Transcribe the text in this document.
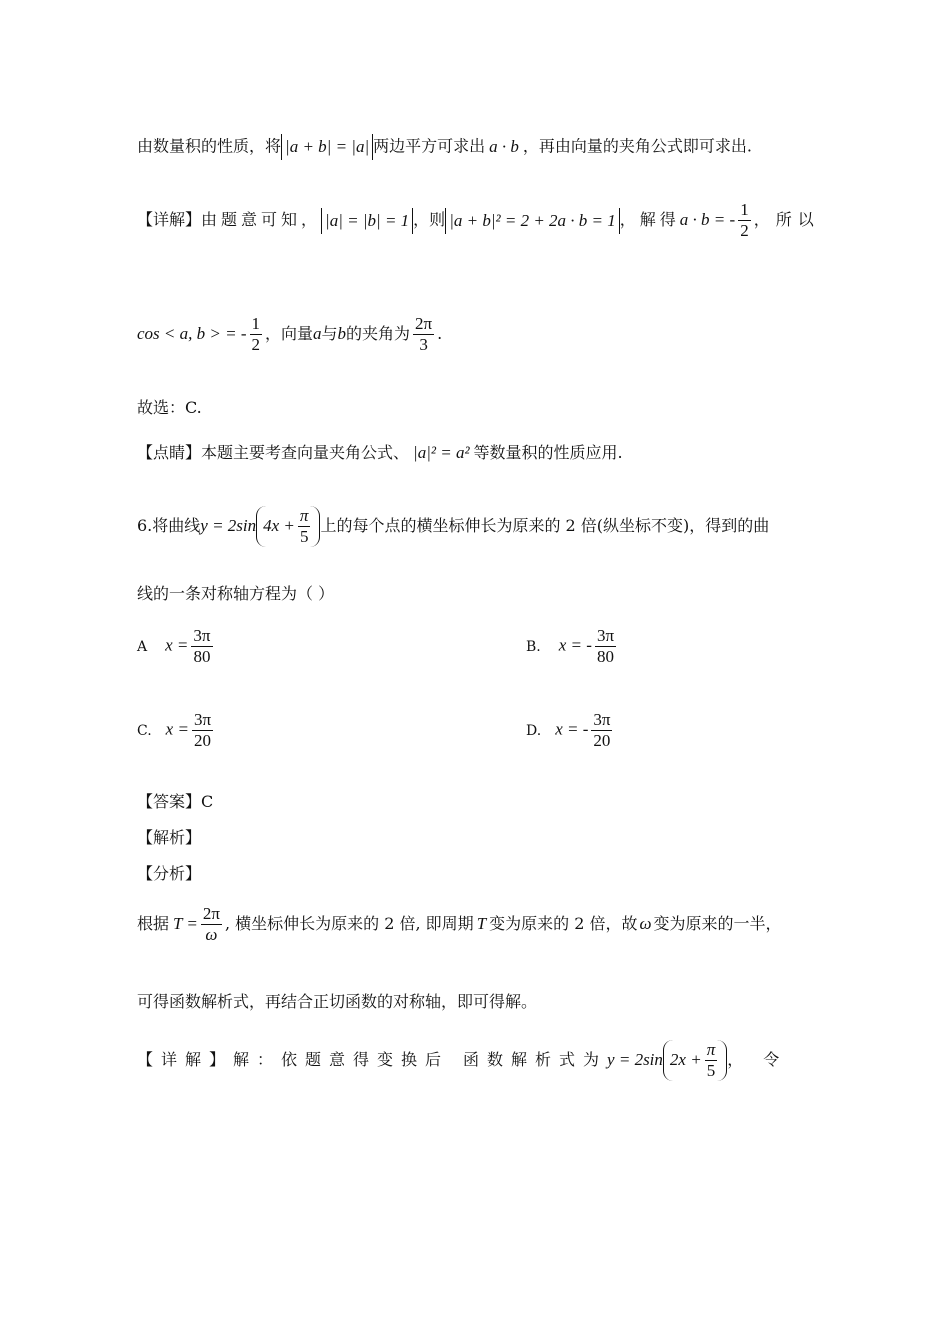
由数量积的性质，将 |a + b| = |a| 两边平方可求出 a · b ，再由向量的夹角公式即可求出.
【详解】由题意可知， |a| = |b| = 1 ，则 |a + b|² = 2 + 2a · b = 1 ，解得a · b = - $\frac{1}{2}$ ，所以
cos < a, b > = - $\frac{1}{2}$ ，向量a与b的夹角为 $\frac{2\pi}{3}$ .
故选：C.
【点睛】本题主要考查向量夹角公式、 |a|² = a² 等数量积的性质应用.
6.将曲线y = 2sin $4x + \frac{\pi}{5}$ 上的每个点的横坐标伸长为原来的 2 倍(纵坐标不变)，得到的曲
线的一条对称轴方程为（ ）
A $x = \frac{3\pi}{80}$	B. x = - $\frac{3\pi}{80}$
C. $x = \frac{3\pi}{20}$	D. x = - $\frac{3\pi}{20}$
【答案】C
【解析】
【分析】
根据 $T = \frac{2\pi}{\omega}$ , 横坐标伸长为原来的 2 倍, 即周期 T 变为原来的 2 倍，故 ω 变为原来的一半，
可得函数解析式，再结合正切函数的对称轴，即可得解。
【详解】解：依题意得变换后 函数解析式为y = 2sin $2x + \frac{\pi}{5}$ ， 令
